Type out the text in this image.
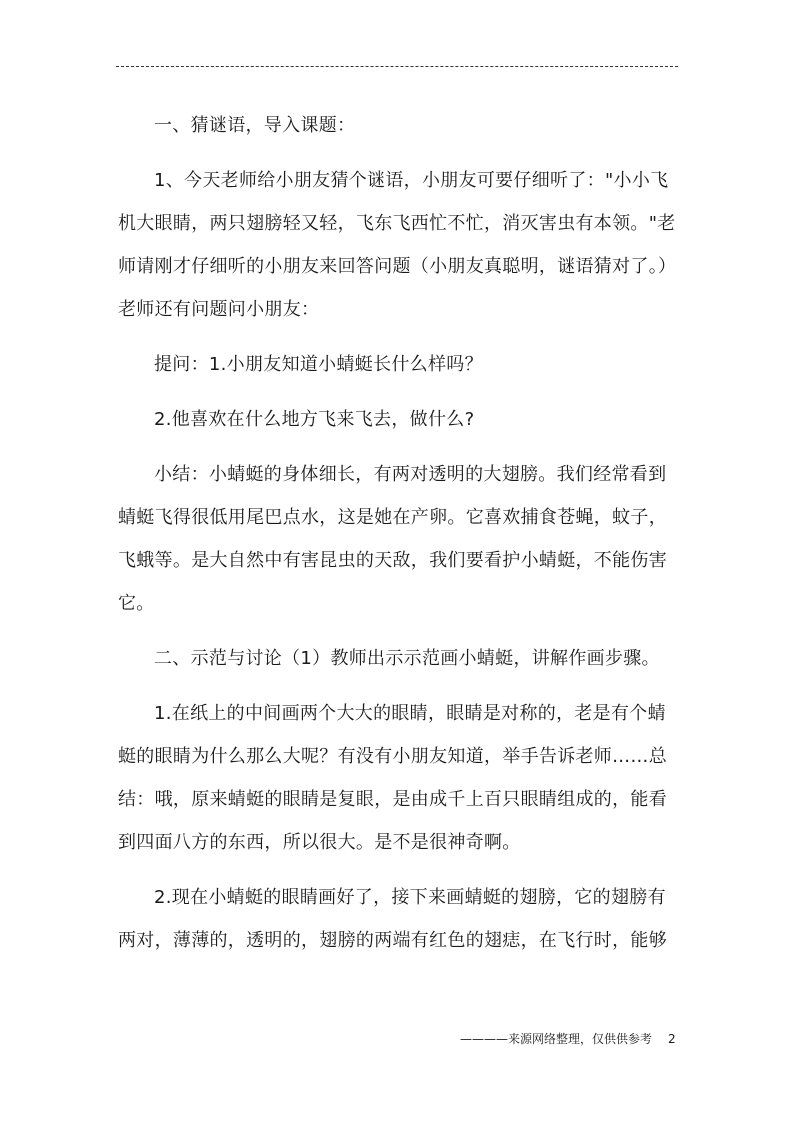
一、猜谜语，导入课题：

1、今天老师给小朋友猜个谜语，小朋友可要仔细听了："小小飞机大眼睛，两只翅膀轻又轻，飞东飞西忙不忙，消灭害虫有本领。"老师请刚才仔细听的小朋友来回答问题（小朋友真聪明，谜语猜对了。）老师还有问题问小朋友：

提问：1.小朋友知道小蜻蜓长什么样吗？

2.他喜欢在什么地方飞来飞去，做什么?

小结：小蜻蜓的身体细长，有两对透明的大翅膀。我们经常看到蜻蜓飞得很低用尾巴点水，这是她在产卵。它喜欢捕食苍蝇，蚊子，飞蛾等。是大自然中有害昆虫的天敌，我们要看护小蜻蜓，不能伤害它。

二、示范与讨论（1）教师出示示范画小蜻蜓，讲解作画步骤。

1.在纸上的中间画两个大大的眼睛，眼睛是对称的，老是有个蜻蜓的眼睛为什么那么大呢？有没有小朋友知道，举手告诉老师……总结：哦，原来蜻蜓的眼睛是复眼，是由成千上百只眼睛组成的，能看到四面八方的东西，所以很大。是不是很神奇啊。

2.现在小蜻蜓的眼睛画好了，接下来画蜻蜓的翅膀，它的翅膀有两对，薄薄的，透明的，翅膀的两端有红色的翅痣，在飞行时，能够

————来源网络整理，仅供供参考 2
